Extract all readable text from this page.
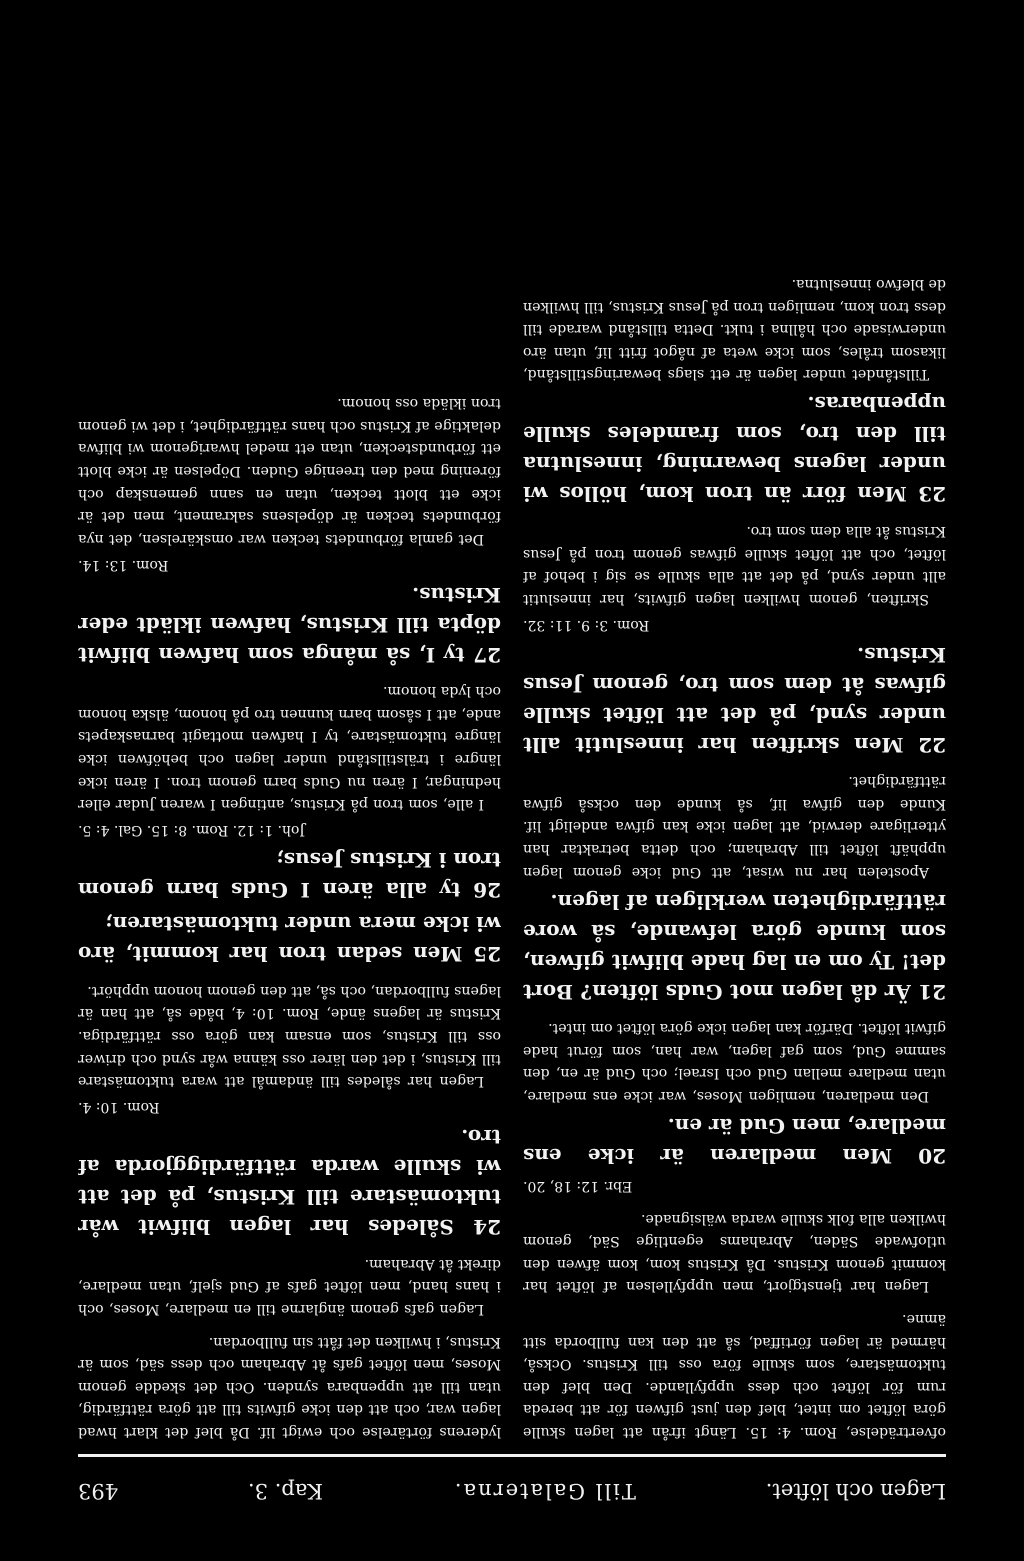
Lagen och löftet.
Till Galaterna.
Kap. 3.
493
ofverträdelse, Rom. 4: 15. Längt ifrån att lagen skulle göra löftet om intet, blef den just gifwen för att bereda rum för löftet och dess uppfyllande. Den blef den tuktomästare, som skulle föra oss till Kristus. Också, härmed är lagen förtiffad, så att den kan fullborda sitt ämne.
Lagen har tjenstgjort, men uppfyllelsen af löftet har kommit genom Kristus. Då Kristus kom, kom äfwen den utlofwade Säden, Abrahams egentlige Säd, genom hwilken alla folk skulle warda wälsignade.
Ebr. 12: 18, 20.
20 Men medlaren är icke ens medlare, men Gud är en.
Den medlaren, nemligen Moses, war icke ens medlare, utan medlare mellan Gud och Israel; och Gud är en, den samme Gud, som gaf lagen, war han, som förut hade gifwit löftet. Därför kan lagen icke göra löftet om intet.
21 Är då lagen mot Guds löften? Bort det! Ty om en lag hade blifwit gifwen, som kunde göra lefwande, så wore rättfärdigheten werkligen af lagen.
Apostelen har nu wisat, att Gud icke genom lagen upphäft löftet till Abraham; och detta betraktar han ytterligare derwid, att lagen icke kan gifwa andeligt lif. Kunde den gifwa lif, så kunde den också gifwa rättfärdighet.
22 Men skriften har inneslutit allt under synd, på det att löftet skulle gifwas åt dem som tro, genom Jesus Kristus.
Rom. 3: 9. 11: 32.
Skriften, genom hwilken lagen gifwits, har inneslutit allt under synd, på det att alla skulle se sig i behof af löftet, och att löftet skulle gifwas genom tron på Jesus Kristus åt alla dem som tro.
23 Men förr än tron kom, höllos wi under lagens bewarning, inneslutna till den tro, som framdeles skulle uppenbaras.
Tillståndet under lagen är ett slags bewaringstillstånd, likasom tråles, som icke weta af något fritt lif, utan äro underwisade och hållna i tukt. Detta tillstånd warade till dess tron kom, nemligen tron på Jesus Kristus, till hwilken de blefwo inneslutna.
lyderens förtärelse och ewigt lif. Då blef det klart hwad lagen war, och att den icke gifwits till att göra rättfärdig, utan till att uppenbara synden. Och det skedde genom Moses, men löftet gafs åt Abraham och dess säd, som är Kristus, i hwilken det fått sin fullbordan.
Lagen gafs genom änglarne till en medlare, Moses, och i hans hand, men löftet gafs af Gud sjelf, utan medlare, direkt åt Abraham.
24 Således har lagen blifwit wår tuktomästare till Kristus, på det att wi skulle warda rättfärdiggjorda af tro.
Rom. 10: 4.
Lagen har således till ändamål att wara tuktomästare till Kristus, i det den lärer oss känna wår synd och driwer oss till Kristus, som ensam kan göra oss rättfärdiga. Kristus är lagens ände, Rom. 10: 4, både så, att han är lagens fullbordan, och så, att den genom honom upphört.
25 Men sedan tron har kommit, äro wi icke mera under tuktomästaren;
26 ty alla ären I Guds barn genom tron i Kristus Jesus;
Joh. 1: 12. Rom. 8: 15. Gal. 4: 5.
I alle, som tron på Kristus, antingen I waren Judar eller hedningar, I ären nu Guds barn genom tron. I ären icke längre i trälstillstånd under lagen och behöfwen icke längre tuktomästare, ty I hafwen mottagit barnaskapets ande, att I såsom barn kunnen tro på honom, älska honom och lyda honom.
27 ty I, så många som hafwen blifwit döpta till Kristus, hafwen iklädt eder Kristus.
Rom. 13: 14.
Det gamla förbundets tecken war omskärelsen, det nya förbundets tecken är döpelsens sakrament, men det är icke ett blott tecken, utan en sann gemenskap och förening med den treenige Guden. Döpelsen är icke blott ett förbundstecken, utan ett medel hwarigenom wi blifwa delaktige af Kristus och hans rättfärdighet, i det wi genom tron ikläda oss honom.
